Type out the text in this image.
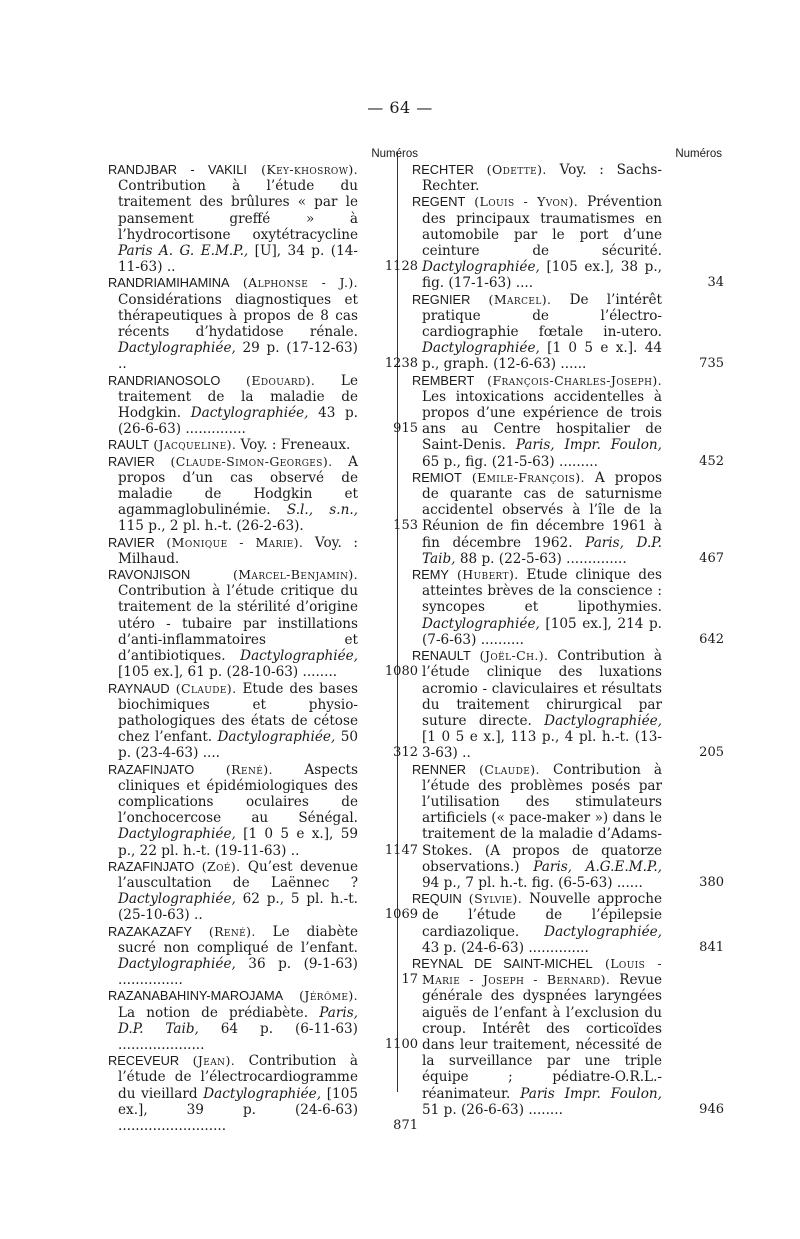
— 64 —
Numéros
RANDJBAR - VAKILI (Key-khosrow). Contribution à l’étude du traitement des brûlures « par le pansement greffé » à l’hydrocortisone oxytétracycline Paris A. G. E.M.P., [U], 34 p. (14-11-63) ..	1128
RANDRIAMIHAMINA (Alphonse - J.). Considérations diagnostiques et thérapeutiques à propos de 8 cas récents d’hydatidose rénale. Dactylographiée, 29 p. (17-12-63) ..	1238
RANDRIANOSOLO (Edouard). Le traitement de la maladie de Hodgkin. Dactylographiée, 43 p. (26-6-63) ..............	915
RAULT (Jacqueline). Voy. : Freneaux.
RAVIER (Claude-Simon-Georges). A propos d’un cas observé de maladie de Hodgkin et agammaglobulinémie. S.l., s.n., 115 p., 2 pl. h.-t. (26-2-63).	153
RAVIER (Monique - Marie). Voy. : Milhaud.
RAVONJISON (Marcel-Benjamin). Contribution à l’étude critique du traitement de la stérilité d’origine utéro - tubaire par instillations d’anti-inflammatoires et d’antibiotiques. Dactylographiée, [105 ex.], 61 p. (28-10-63) ........	1080
RAYNAUD (Claude). Etude des bases biochimiques et physio-pathologiques des états de cétose chez l’enfant. Dactylographiée, 50 p. (23-4-63) ....	312
RAZAFINJATO (René). Aspects cliniques et épidémiologiques des complications oculaires de l’onchocercose au Sénégal. Dactylographiée, [1 0 5 e x.], 59 p., 22 pl. h.-t. (19-11-63) ..	1147
RAZAFINJATO (Zoé). Qu’est devenue l’auscultation de Laënnec ? Dactylographiée, 62 p., 5 pl. h.-t. (25-10-63) ..	1069
RAZAKAZAFY (René). Le diabète sucré non compliqué de l’enfant. Dactylographiée, 36 p. (9-1-63) ...............	17
RAZANABAHINY-MAROJAMA (Jérôme). La notion de prédiabète. Paris, D.P. Taib, 64 p. (6-11-63) ....................	1100
RECEVEUR (Jean). Contribution à l’étude de l’électrocardiogramme du vieillard Dactylographiée, [105 ex.], 39 p. (24-6-63) .........................	871
Numéros
RECHTER (Odette). Voy. : Sachs-Rechter.
REGENT (Louis - Yvon). Prévention des principaux traumatismes en automobile par le port d’une ceinture de sécurité. Dactylographiée, [105 ex.], 38 p., fig. (17-1-63) ....	34
REGNIER (Marcel). De l’intérêt pratique de l’électro-cardiographie fœtale in-utero. Dactylographiée, [1 0 5 e x.]. 44 p., graph. (12-6-63) ......	735
REMBERT (François-Charles-Joseph). Les intoxications accidentelles à propos d’une expérience de trois ans au Centre hospitalier de Saint-Denis. Paris, Impr. Foulon, 65 p., fig. (21-5-63) .........	452
REMIOT (Emile-François). A propos de quarante cas de saturnisme accidentel observés à l’île de la Réunion de fin décembre 1961 à fin décembre 1962. Paris, D.P. Taib, 88 p. (22-5-63) ..............	467
REMY (Hubert). Etude clinique des atteintes brèves de la conscience : syncopes et lipothymies. Dactylographiée, [105 ex.], 214 p. (7-6-63) ..........	642
RENAULT (Joël-Ch.). Contribution à l’étude clinique des luxations acromio - claviculaires et résultats du traitement chirurgical par suture directe. Dactylographiée, [1 0 5 e x.], 113 p., 4 pl. h.-t. (13-3-63) ..	205
RENNER (Claude). Contribution à l’étude des problèmes posés par l’utilisation des stimulateurs artificiels (« pace-maker ») dans le traitement de la maladie d’Adams-Stokes. (A propos de quatorze observations.) Paris, A.G.E.M.P., 94 p., 7 pl. h.-t. fig. (6-5-63) ......	380
REQUIN (Sylvie). Nouvelle approche de l’étude de l’épilepsie cardiazolique. Dactylographiée, 43 p. (24-6-63) ..............	841
REYNAL DE SAINT-MICHEL (Louis - Marie - Joseph - Bernard). Revue générale des dyspnées laryngées aiguës de l’enfant à l’exclusion du croup. Intérêt des corticoïdes dans leur traitement, nécessité de la surveillance par une triple équipe ; pédiatre-O.R.L.-réanimateur. Paris Impr. Foulon, 51 p. (26-6-63) ........	946
